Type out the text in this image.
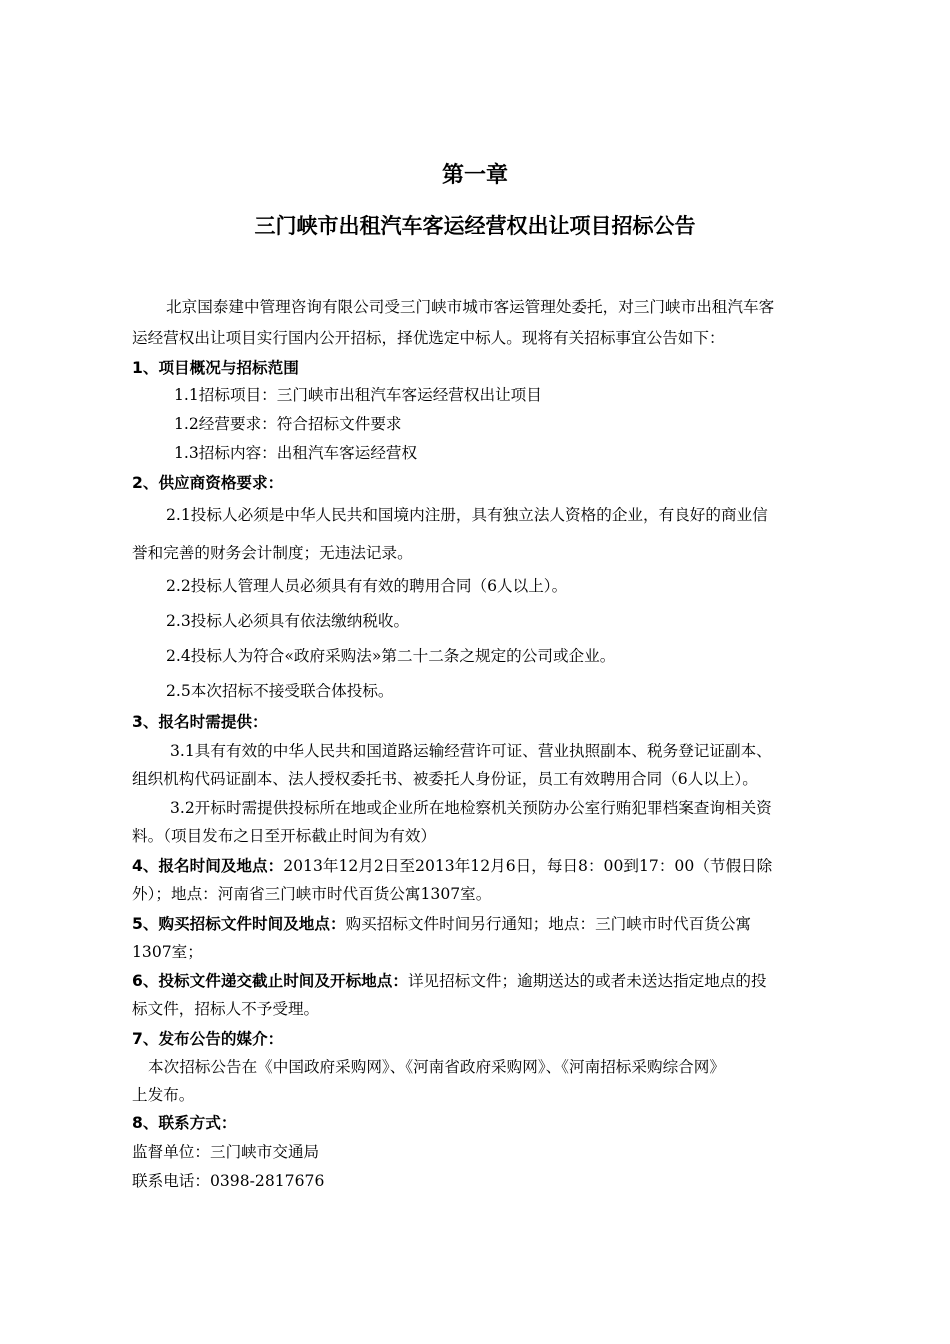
第一章
三门峡市出租汽车客运经营权出让项目招标公告
北京国泰建中管理咨询有限公司受三门峡市城市客运管理处委托，对三门峡市出租汽车客
运经营权出让项目实行国内公开招标，择优选定中标人。现将有关招标事宜公告如下：
1、项目概况与招标范围
1.1招标项目：三门峡市出租汽车客运经营权出让项目
1.2经营要求：符合招标文件要求
1.3招标内容：出租汽车客运经营权
2、供应商资格要求：
2.1投标人必须是中华人民共和国境内注册，具有独立法人资格的企业，有良好的商业信
誉和完善的财务会计制度；无违法记录。
2.2投标人管理人员必须具有有效的聘用合同（6人以上）。
2.3投标人必须具有依法缴纳税收。
2.4投标人为符合«政府采购法»第二十二条之规定的公司或企业。
2.5本次招标不接受联合体投标。
3、报名时需提供：
3.1具有有效的中华人民共和国道路运输经营许可证、营业执照副本、税务登记证副本、
组织机构代码证副本、法人授权委托书、被委托人身份证，员工有效聘用合同（6人以上）。
3.2开标时需提供投标所在地或企业所在地检察机关预防办公室行贿犯罪档案查询相关资
料。（项目发布之日至开标截止时间为有效）
4、报名时间及地点：2013年12月2日至2013年12月6日，每日8：00到17：00（节假日除
外）；地点：河南省三门峡市时代百货公寓1307室。
5、购买招标文件时间及地点：购买招标文件时间另行通知；地点：三门峡市时代百货公寓
1307室；
6、投标文件递交截止时间及开标地点：详见招标文件；逾期送达的或者未送达指定地点的投
标文件，招标人不予受理。
7、发布公告的媒介：
本次招标公告在《中国政府采购网》、《河南省政府采购网》、《河南招标采购综合网》
上发布。
8、联系方式：
监督单位：三门峡市交通局
联系电话：0398-2817676
